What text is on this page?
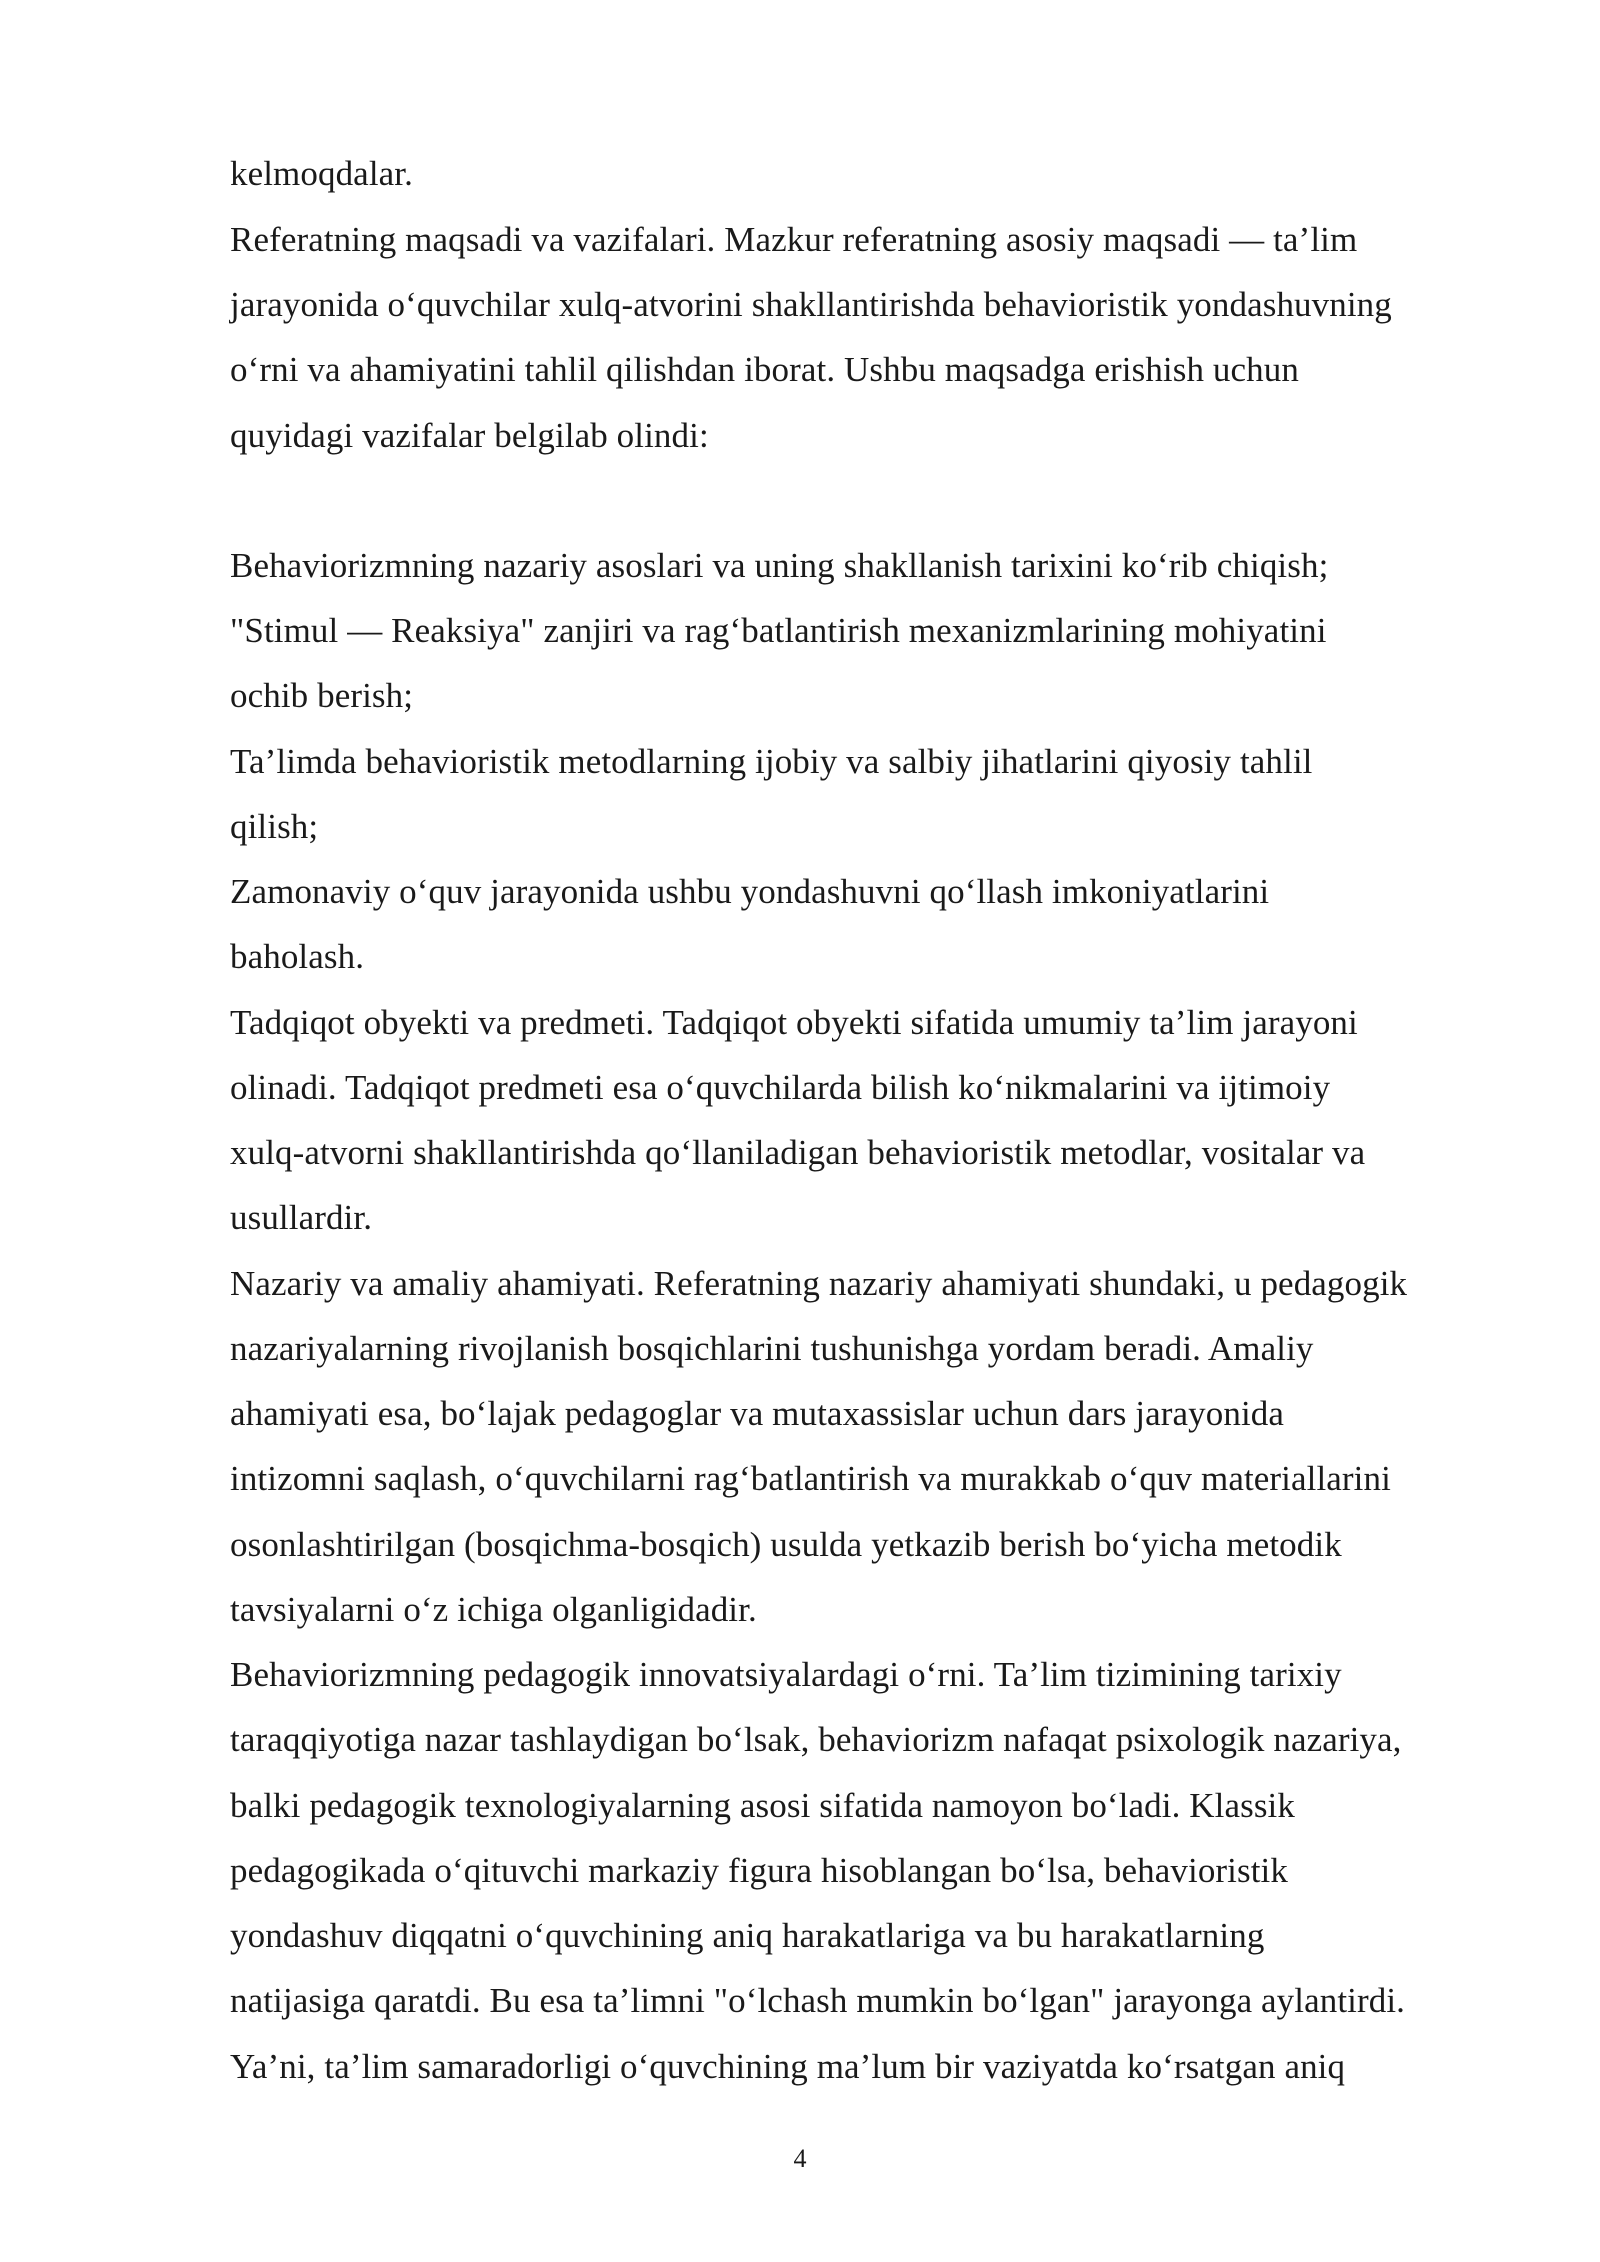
kelmoqdalar.
Referatning maqsadi va vazifalari. Mazkur referatning asosiy maqsadi — ta’lim
jarayonida o‘quvchilar xulq-atvorini shakllantirishda behavioristik yondashuvning
o‘rni va ahamiyatini tahlil qilishdan iborat. Ushbu maqsadga erishish uchun
quyidagi vazifalar belgilab olindi:
Behaviorizmning nazariy asoslari va uning shakllanish tarixini ko‘rib chiqish;
"Stimul — Reaksiya" zanjiri va rag‘batlantirish mexanizmlarining mohiyatini
ochib berish;
Ta’limda behavioristik metodlarning ijobiy va salbiy jihatlarini qiyosiy tahlil
qilish;
Zamonaviy o‘quv jarayonida ushbu yondashuvni qo‘llash imkoniyatlarini
baholash.
Tadqiqot obyekti va predmeti. Tadqiqot obyekti sifatida umumiy ta’lim jarayoni
olinadi. Tadqiqot predmeti esa o‘quvchilarda bilish ko‘nikmalarini va ijtimoiy
xulq-atvorni shakllantirishda qo‘llaniladigan behavioristik metodlar, vositalar va
usullardir.
Nazariy va amaliy ahamiyati. Referatning nazariy ahamiyati shundaki, u pedagogik
nazariyalarning rivojlanish bosqichlarini tushunishga yordam beradi. Amaliy
ahamiyati esa, bo‘lajak pedagoglar va mutaxassislar uchun dars jarayonida
intizomni saqlash, o‘quvchilarni rag‘batlantirish va murakkab o‘quv materiallarini
osonlashtirilgan (bosqichma-bosqich) usulda yetkazib berish bo‘yicha metodik
tavsiyalarni o‘z ichiga olganligidadir.
Behaviorizmning pedagogik innovatsiyalardagi o‘rni. Ta’lim tizimining tarixiy
taraqqiyotiga nazar tashlaydigan bo‘lsak, behaviorizm nafaqat psixologik nazariya,
balki pedagogik texnologiyalarning asosi sifatida namoyon bo‘ladi. Klassik
pedagogikada o‘qituvchi markaziy figura hisoblangan bo‘lsa, behavioristik
yondashuv diqqatni o‘quvchining aniq harakatlariga va bu harakatlarning
natijasiga qaratdi. Bu esa ta’limni "o‘lchash mumkin bo‘lgan" jarayonga aylantirdi.
Ya’ni, ta’lim samaradorligi o‘quvchining ma’lum bir vaziyatda ko‘rsatgan aniq
4
